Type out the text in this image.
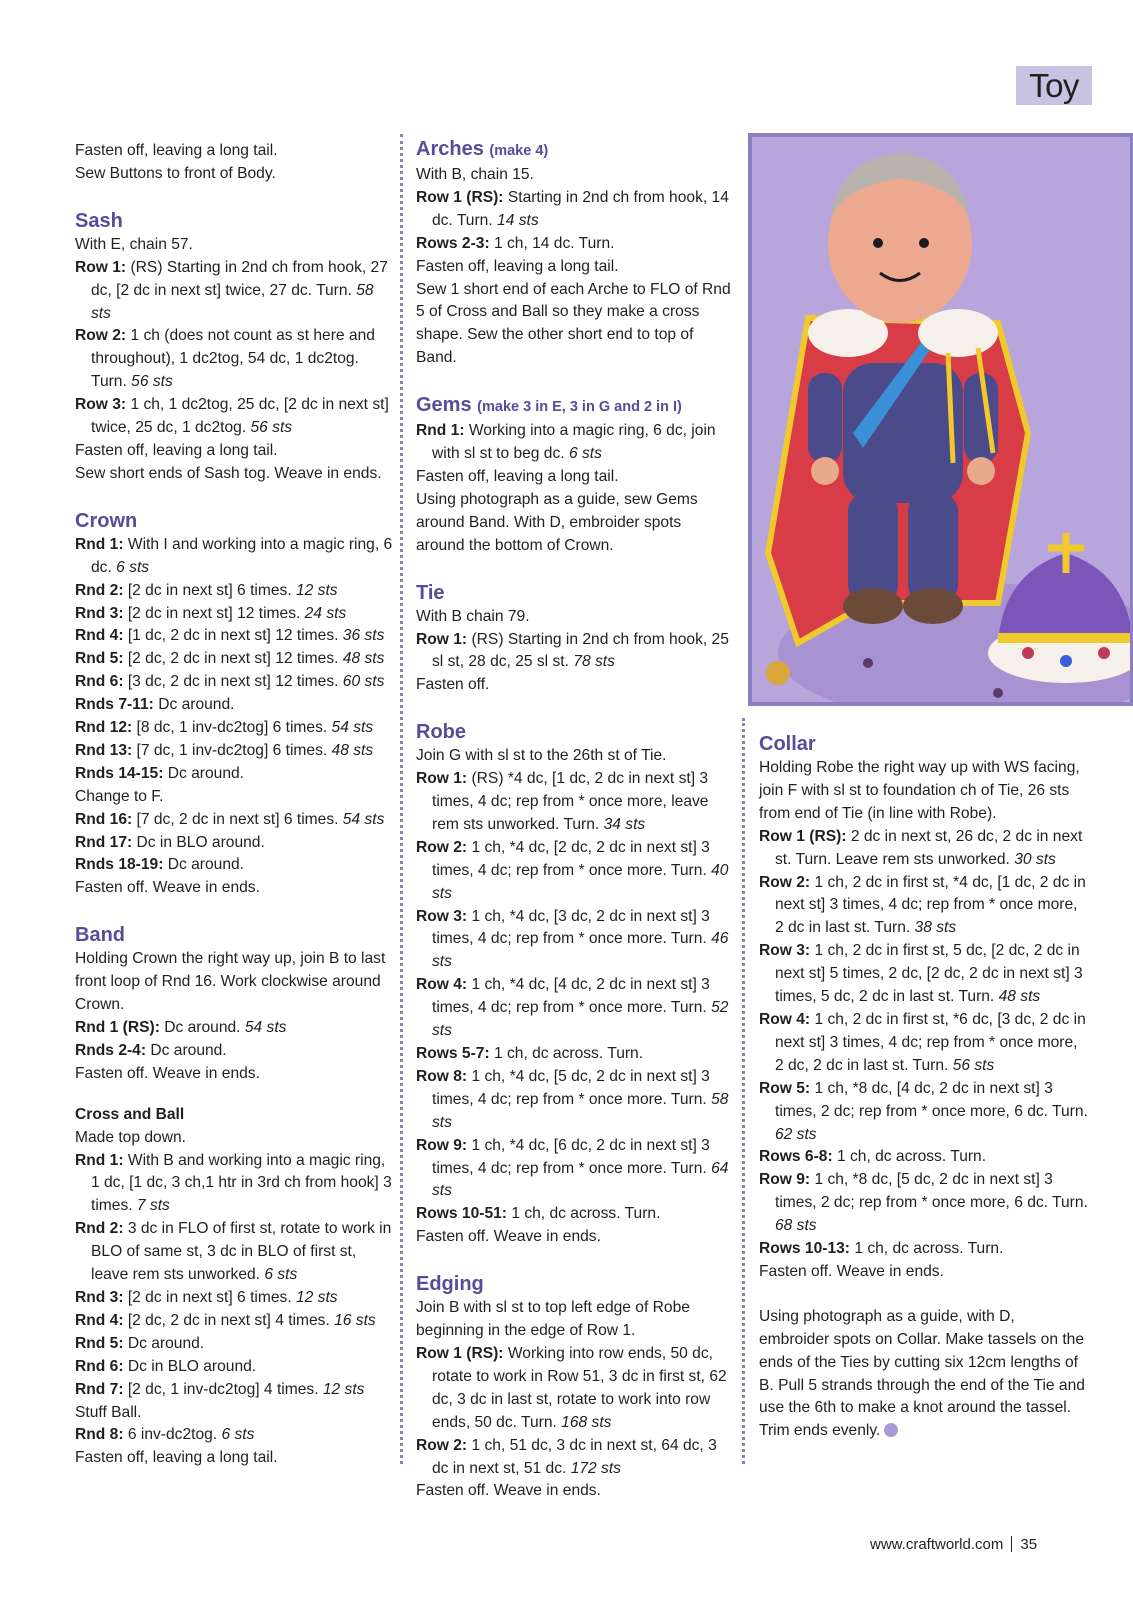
Toy

Fasten off, leaving a long tail.

Sew Buttons to front of Body.

Sash

With E, chain 57.

Row 1: (RS) Starting in 2nd ch from hook, 27 dc, [2 dc in next st] twice, 27 dc. Turn. 58 sts

Row 2: 1 ch (does not count as st here and throughout), 1 dc2tog, 54 dc, 1 dc2tog. Turn. 56 sts

Row 3: 1 ch, 1 dc2tog, 25 dc, [2 dc in next st] twice, 25 dc, 1 dc2tog. 56 sts

Fasten off, leaving a long tail.

Sew short ends of Sash tog. Weave in ends.

Crown

Rnd 1: With I and working into a magic ring, 6 dc. 6 sts

Rnd 2: [2 dc in next st] 6 times. 12 sts

Rnd 3: [2 dc in next st] 12 times. 24 sts

Rnd 4: [1 dc, 2 dc in next st] 12 times. 36 sts

Rnd 5: [2 dc, 2 dc in next st] 12 times. 48 sts

Rnd 6: [3 dc, 2 dc in next st] 12 times. 60 sts

Rnds 7-11: Dc around.

Rnd 12: [8 dc, 1 inv-dc2tog] 6 times. 54 sts

Rnd 13: [7 dc, 1 inv-dc2tog] 6 times. 48 sts

Rnds 14-15: Dc around.

Change to F.

Rnd 16: [7 dc, 2 dc in next st] 6 times. 54 sts

Rnd 17: Dc in BLO around.

Rnds 18-19: Dc around.

Fasten off. Weave in ends.

Band

Holding Crown the right way up, join B to last front loop of Rnd 16. Work clockwise around Crown.

Rnd 1 (RS): Dc around. 54 sts

Rnds 2-4: Dc around.

Fasten off. Weave in ends.

Cross and Ball

Made top down.

Rnd 1: With B and working into a magic ring, 1 dc, [1 dc, 3 ch,1 htr in 3rd ch from hook] 3 times. 7 sts

Rnd 2: 3 dc in FLO of first st, rotate to work in BLO of same st, 3 dc in BLO of first st, leave rem sts unworked. 6 sts

Rnd 3: [2 dc in next st] 6 times. 12 sts

Rnd 4: [2 dc, 2 dc in next st] 4 times. 16 sts

Rnd 5: Dc around.

Rnd 6: Dc in BLO around.

Rnd 7: [2 dc, 1 inv-dc2tog] 4 times. 12 sts

Stuff Ball.

Rnd 8: 6 inv-dc2tog. 6 sts

Fasten off, leaving a long tail.

Arches (make 4)

With B, chain 15.

Row 1 (RS): Starting in 2nd ch from hook, 14 dc. Turn. 14 sts

Rows 2-3: 1 ch, 14 dc. Turn.

Fasten off, leaving a long tail.

Sew 1 short end of each Arche to FLO of Rnd 5 of Cross and Ball so they make a cross shape. Sew the other short end to top of Band.

Gems (make 3 in E, 3 in G and 2 in I)

Rnd 1: Working into a magic ring, 6 dc, join with sl st to beg dc. 6 sts

Fasten off, leaving a long tail.

Using photograph as a guide, sew Gems around Band. With D, embroider spots around the bottom of Crown.

Tie

With B chain 79.

Row 1: (RS) Starting in 2nd ch from hook, 25 sl st, 28 dc, 25 sl st. 78 sts

Fasten off.

Robe

Join G with sl st to the 26th st of Tie.

Row 1: (RS) *4 dc, [1 dc, 2 dc in next st] 3 times, 4 dc; rep from * once more, leave rem sts unworked. Turn. 34 sts

Row 2: 1 ch, *4 dc, [2 dc, 2 dc in next st] 3 times, 4 dc; rep from * once more. Turn. 40 sts

Row 3: 1 ch, *4 dc, [3 dc, 2 dc in next st] 3 times, 4 dc; rep from * once more. Turn. 46 sts

Row 4: 1 ch, *4 dc, [4 dc, 2 dc in next st] 3 times, 4 dc; rep from * once more. Turn. 52 sts

Rows 5-7: 1 ch, dc across. Turn.

Row 8: 1 ch, *4 dc, [5 dc, 2 dc in next st] 3 times, 4 dc; rep from * once more. Turn. 58 sts

Row 9: 1 ch, *4 dc, [6 dc, 2 dc in next st] 3 times, 4 dc; rep from * once more. Turn. 64 sts

Rows 10-51: 1 ch, dc across. Turn.

Fasten off. Weave in ends.

Edging

Join B with sl st to top left edge of Robe beginning in the edge of Row 1.

Row 1 (RS): Working into row ends, 50 dc, rotate to work in Row 51, 3 dc in first st, 62 dc, 3 dc in last st, rotate to work into row ends, 50 dc. Turn. 168 sts

Row 2: 1 ch, 51 dc, 3 dc in next st, 64 dc, 3 dc in next st, 51 dc. 172 sts

Fasten off. Weave in ends.

Collar

Holding Robe the right way up with WS facing, join F with sl st to foundation ch of Tie, 26 sts from end of Tie (in line with Robe).

Row 1 (RS): 2 dc in next st, 26 dc, 2 dc in next st. Turn. Leave rem sts unworked. 30 sts

Row 2: 1 ch, 2 dc in first st, *4 dc, [1 dc, 2 dc in next st] 3 times, 4 dc; rep from * once more, 2 dc in last st. Turn. 38 sts

Row 3: 1 ch, 2 dc in first st, 5 dc, [2 dc, 2 dc in next st] 5 times, 2 dc, [2 dc, 2 dc in next st] 3 times, 5 dc, 2 dc in last st. Turn. 48 sts

Row 4: 1 ch, 2 dc in first st, *6 dc, [3 dc, 2 dc in next st] 3 times, 4 dc; rep from * once more, 2 dc, 2 dc in last st. Turn. 56 sts

Row 5: 1 ch, *8 dc, [4 dc, 2 dc in next st] 3 times, 2 dc; rep from * once more, 6 dc. Turn. 62 sts

Rows 6-8: 1 ch, dc across. Turn.

Row 9: 1 ch, *8 dc, [5 dc, 2 dc in next st] 3 times, 2 dc; rep from * once more, 6 dc. Turn. 68 sts

Rows 10-13: 1 ch, dc across. Turn.

Fasten off. Weave in ends.

Using photograph as a guide, with D, embroider spots on Collar. Make tassels on the ends of the Ties by cutting six 12cm lengths of B. Pull 5 strands through the end of the Tie and use the 6th to make a knot around the tassel. Trim ends evenly.

www.craftworld.com 35
